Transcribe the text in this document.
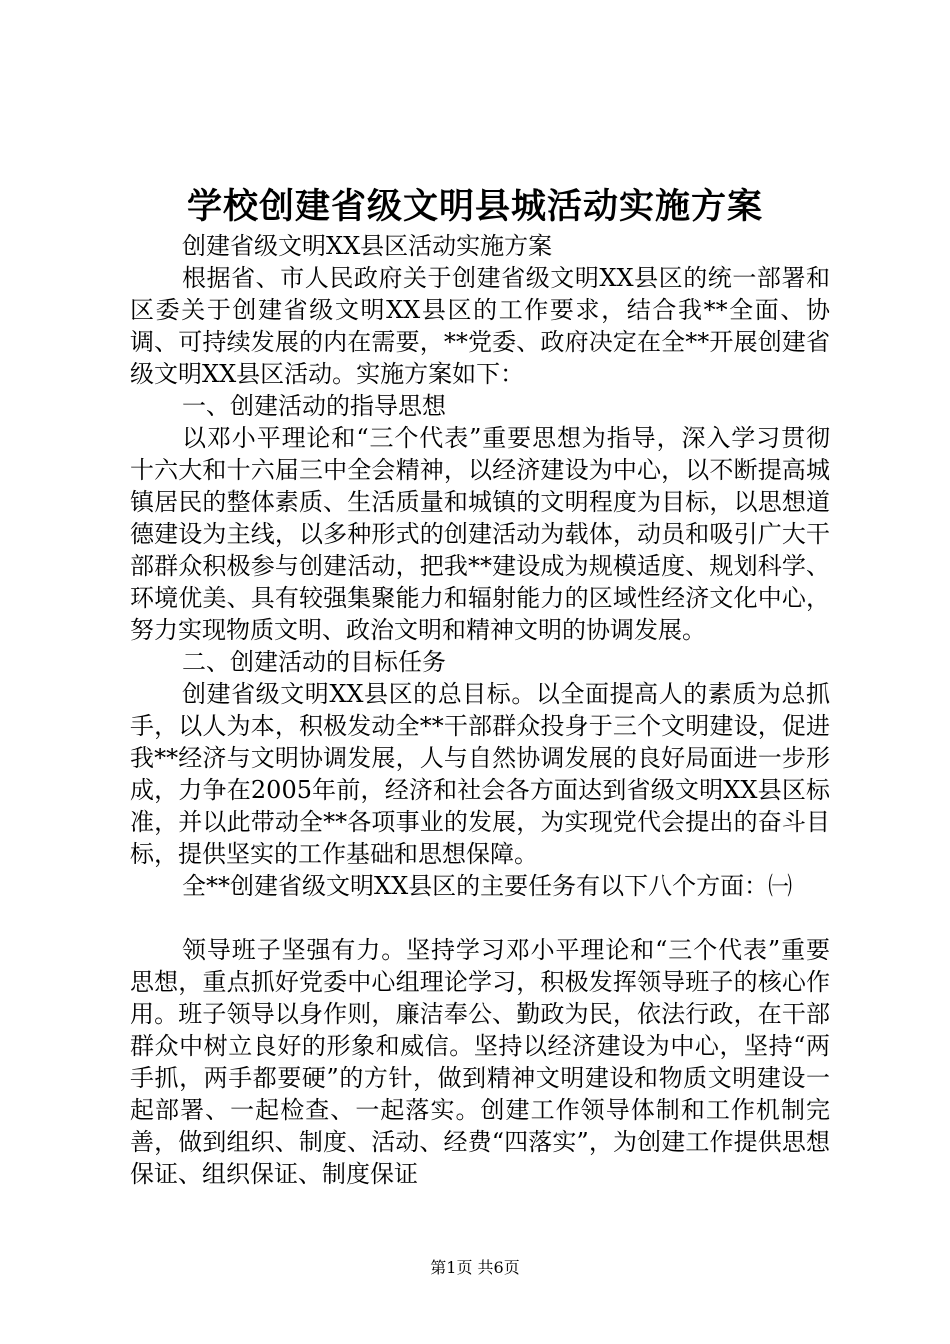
学校创建省级文明县城活动实施方案

创建省级文明XX县区活动实施方案

根据省、市人民政府关于创建省级文明XX县区的统一部署和区委关于创建省级文明XX县区的工作要求，结合我**全面、协调、可持续发展的内在需要，**党委、政府决定在全**开展创建省级文明XX县区活动。实施方案如下：

一、创建活动的指导思想

以邓小平理论和“三个代表”重要思想为指导，深入学习贯彻十六大和十六届三中全会精神，以经济建设为中心，以不断提高城镇居民的整体素质、生活质量和城镇的文明程度为目标，以思想道德建设为主线，以多种形式的创建活动为载体，动员和吸引广大干部群众积极参与创建活动，把我**建设成为规模适度、规划科学、环境优美、具有较强集聚能力和辐射能力的区域性经济文化中心，努力实现物质文明、政治文明和精神文明的协调发展。

二、创建活动的目标任务

创建省级文明XX县区的总目标。以全面提高人的素质为总抓手，以人为本，积极发动全**干部群众投身于三个文明建设，促进我**经济与文明协调发展，人与自然协调发展的良好局面进一步形成，力争在2005年前，经济和社会各方面达到省级文明XX县区标准，并以此带动全**各项事业的发展，为实现党代会提出的奋斗目标，提供坚实的工作基础和思想保障。

全**创建省级文明XX县区的主要任务有以下八个方面：㈠

领导班子坚强有力。坚持学习邓小平理论和“三个代表”重要思想，重点抓好党委中心组理论学习，积极发挥领导班子的核心作用。班子领导以身作则，廉洁奉公、勤政为民，依法行政，在干部群众中树立良好的形象和威信。坚持以经济建设为中心，坚持“两手抓，两手都要硬”的方针，做到精神文明建设和物质文明建设一起部署、一起检查、一起落实。创建工作领导体制和工作机制完善，做到组织、制度、活动、经费“四落实”，为创建工作提供思想保证、组织保证、制度保证

第1页 共6页
